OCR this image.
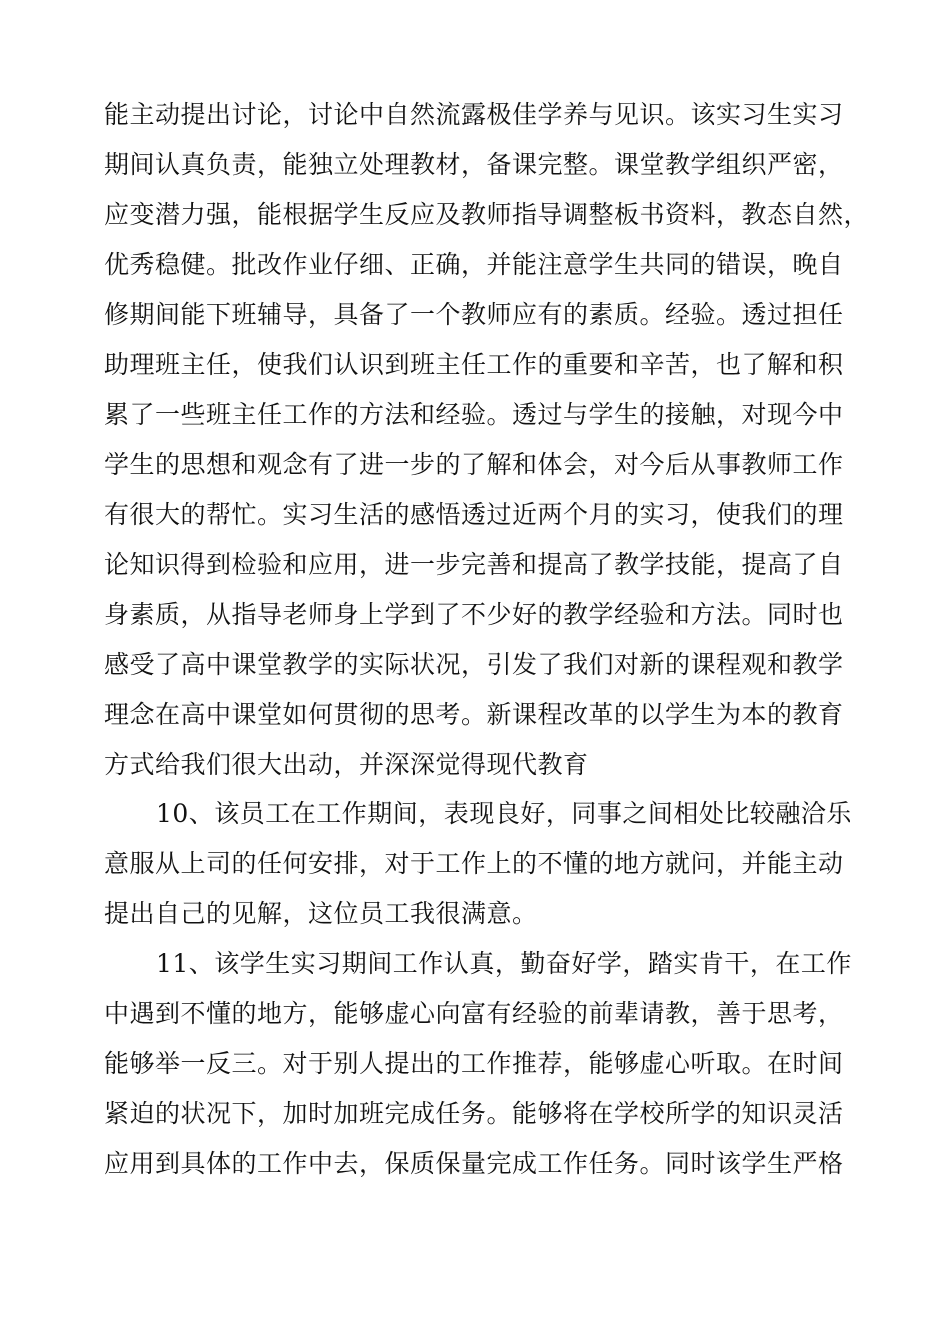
能主动提出讨论，讨论中自然流露极佳学养与见识。该实习生实习
期间认真负责，能独立处理教材，备课完整。课堂教学组织严密，
应变潜力强，能根据学生反应及教师指导调整板书资料，教态自然，
优秀稳健。批改作业仔细、正确，并能注意学生共同的错误，晚自
修期间能下班辅导，具备了一个教师应有的素质。经验。透过担任
助理班主任，使我们认识到班主任工作的重要和辛苦，也了解和积
累了一些班主任工作的方法和经验。透过与学生的接触，对现今中
学生的思想和观念有了进一步的了解和体会，对今后从事教师工作
有很大的帮忙。实习生活的感悟透过近两个月的实习，使我们的理
论知识得到检验和应用，进一步完善和提高了教学技能，提高了自
身素质，从指导老师身上学到了不少好的教学经验和方法。同时也
感受了高中课堂教学的实际状况，引发了我们对新的课程观和教学
理念在高中课堂如何贯彻的思考。新课程改革的以学生为本的教育
方式给我们很大出动，并深深觉得现代教育
10、该员工在工作期间，表现良好，同事之间相处比较融洽乐
意服从上司的任何安排，对于工作上的不懂的地方就问，并能主动
提出自己的见解，这位员工我很满意。
11、该学生实习期间工作认真，勤奋好学，踏实肯干，在工作
中遇到不懂的地方，能够虚心向富有经验的前辈请教，善于思考，
能够举一反三。对于别人提出的工作推荐，能够虚心听取。在时间
紧迫的状况下，加时加班完成任务。能够将在学校所学的知识灵活
应用到具体的工作中去，保质保量完成工作任务。同时该学生严格
